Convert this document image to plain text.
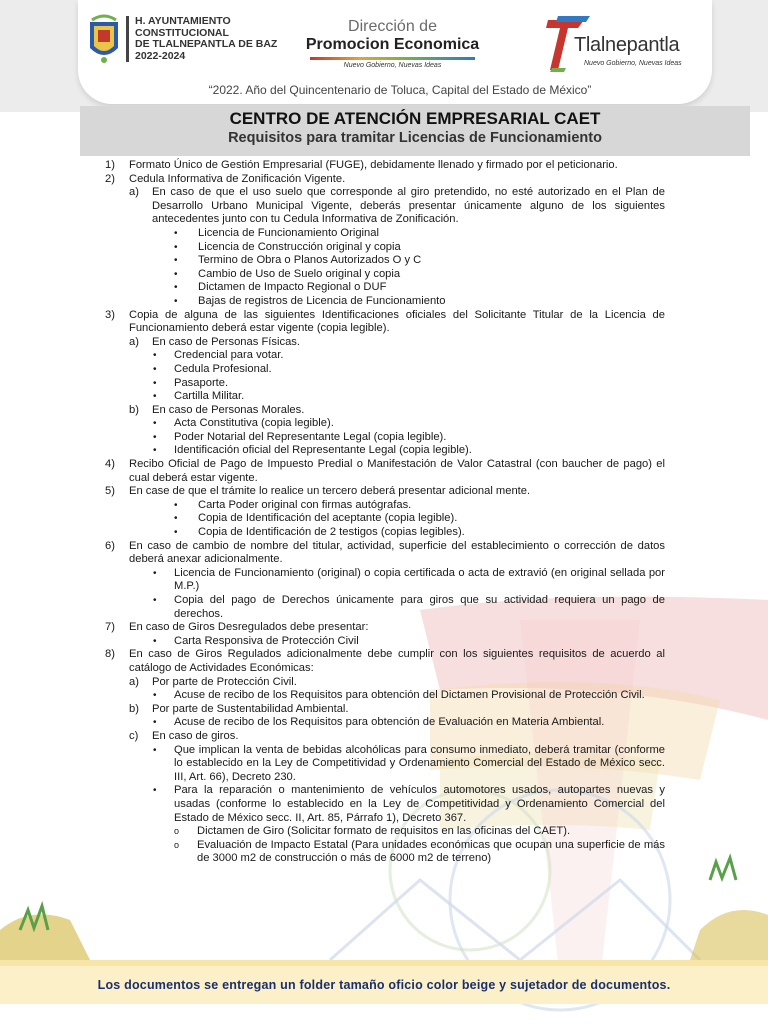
H. AYUNTAMIENTO
CONSTITUCIONAL
DE TLALNEPANTLA DE BAZ
2022-2024
Dirección de
Promocion Economica
Nuevo Gobierno, Nuevas Ideas
Tlalnepantla
Nuevo Gobierno, Nuevas Ideas
“2022. Año del Quincentenario de Toluca, Capital del Estado de México”
CENTRO DE ATENCIÓN EMPRESARIAL CAET
Requisitos para tramitar Licencias de Funcionamiento
1) Formato Único de Gestión Empresarial (FUGE), debidamente llenado y firmado por el peticionario.
2) Cedula Informativa de Zonificación Vigente.
a) En caso de que el uso suelo que corresponde al giro pretendido, no esté autorizado en el Plan de Desarrollo Urbano Municipal Vigente, deberás presentar únicamente alguno de los siguientes antecedentes junto con tu Cedula Informativa de Zonificación.
• Licencia de Funcionamiento Original
• Licencia de Construcción original y copia
• Termino de Obra o Planos Autorizados O y C
• Cambio de Uso de Suelo original y copia
• Dictamen de Impacto Regional o DUF
• Bajas de registros de Licencia de Funcionamiento
3) Copia de alguna de las siguientes Identificaciones oficiales del Solicitante Titular de la Licencia de Funcionamiento deberá estar vigente (copia legible).
a) En caso de Personas Físicas.
• Credencial para votar.
• Cedula Profesional.
• Pasaporte.
• Cartilla Militar.
b) En caso de Personas Morales.
• Acta Constitutiva (copia legible).
• Poder Notarial del Representante Legal (copia legible).
• Identificación oficial del Representante Legal (copia legible).
4) Recibo Oficial de Pago de Impuesto Predial o Manifestación de Valor Catastral (con baucher de pago) el cual deberá estar vigente.
5) En case de que el trámite lo realice un tercero deberá presentar adicional mente.
• Carta Poder original con firmas autógrafas.
• Copia de Identificación del aceptante (copia legible).
• Copia de Identificación de 2 testigos (copias legibles).
6) En caso de cambio de nombre del titular, actividad, superficie del establecimiento o corrección de datos deberá anexar adicionalmente.
• Licencia de Funcionamiento (original) o copia certificada o acta de extravió (en original sellada por M.P.)
• Copia del pago de Derechos únicamente para giros que su actividad requiera un pago de derechos.
7) En caso de Giros Desregulados debe presentar:
• Carta Responsiva de Protección Civil
8) En caso de Giros Regulados adicionalmente debe cumplir con los siguientes requisitos de acuerdo al catálogo de Actividades Económicas:
a) Por parte de Protección Civil.
• Acuse de recibo de los Requisitos para obtención del Dictamen Provisional de Protección Civil.
b) Por parte de Sustentabilidad Ambiental.
• Acuse de recibo de los Requisitos para obtención de Evaluación en Materia Ambiental.
c) En caso de giros.
• Que implican la venta de bebidas alcohólicas para consumo inmediato, deberá tramitar (conforme lo establecido en la Ley de Competitividad y Ordenamiento Comercial del Estado de México secc. III, Art. 66), Decreto 230.
• Para la reparación o mantenimiento de vehículos automotores usados, autopartes nuevas y usadas (conforme lo establecido en la Ley de Competitividad y Ordenamiento Comercial del Estado de México secc. II, Art. 85, Párrafo 1), Decreto 367.
o Dictamen de Giro (Solicitar formato de requisitos en las oficinas del CAET).
o Evaluación de Impacto Estatal (Para unidades económicas que ocupan una superficie de más de 3000 m2 de construcción o más de 6000 m2 de terreno)
Los documentos se entregan un folder tamaño oficio color beige y sujetador de documentos.
